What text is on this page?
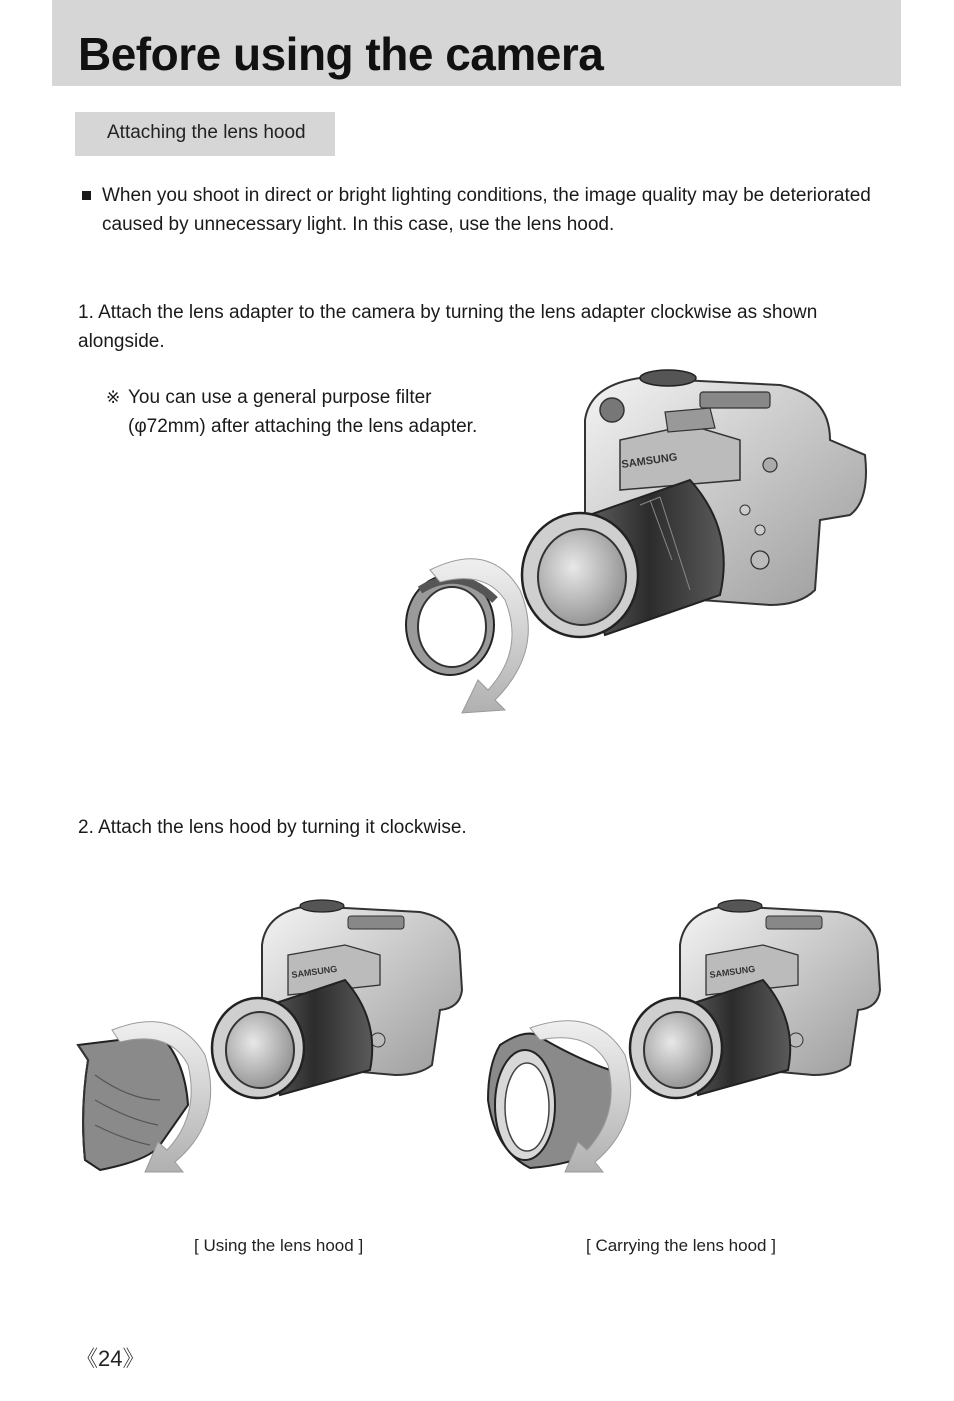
Before using the camera
Attaching the lens hood
When you shoot in direct or bright lighting conditions, the image quality may be deteriorated caused by unnecessary light. In this case, use the lens hood.
1. Attach the lens adapter to the camera by turning the lens adapter clockwise as shown alongside.
※ You can use a general purpose filter (φ72mm) after attaching the lens adapter.
SAMSUNG
SAMSUNG	SAMSUNG
2. Attach the lens hood by turning it clockwise.
[ Using the lens hood ]	[ Carrying the lens hood ]
《24》
